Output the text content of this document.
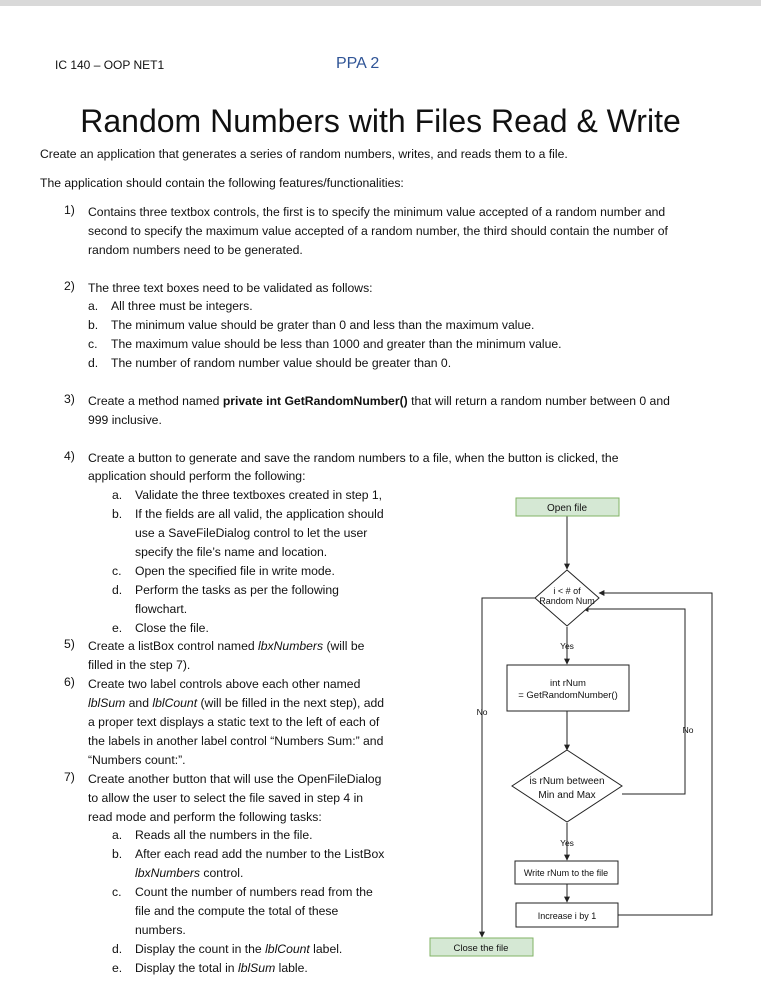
IC 140 – OOP NET1	PPA 2
Random Numbers with Files Read & Write
Create an application that generates a series of random numbers, writes, and reads them to a file.
The application should contain the following features/functionalities:
1) Contains three textbox controls, the first is to specify the minimum value accepted of a random number and
second to specify the maximum value accepted of a random number, the third should contain the number of
random numbers need to be generated.
2) The three text boxes need to be validated as follows:
a. All three must be integers.
b. The minimum value should be grater than 0 and less than the maximum value.
c. The maximum value should be less than 1000 and greater than the minimum value.
d. The number of random number value should be greater than 0.
3) Create a method named private int GetRandomNumber() that will return a random number between 0 and
999 inclusive.
4) Create a button to generate and save the random numbers to a file, when the button is clicked, the
application should perform the following:
a. Validate the three textboxes created in step 1,
b. If the fields are all valid, the application should
use a SaveFileDialog control to let the user
specify the file’s name and location.
c. Open the specified file in write mode.
d. Perform the tasks as per the following
flowchart.
e. Close the file.
5) Create a listBox control named lbxNumbers (will be
filled in the step 7).
6) Create two label controls above each other named
lblSum and lblCount (will be filled in the next step), add
a proper text displays a static text to the left of each of
the labels in another label control “Numbers Sum:” and
“Numbers count:”.
7) Create another button that will use the OpenFileDialog
to allow the user to select the file saved in step 4 in
read mode and perform the following tasks:
a. Reads all the numbers in the file.
b. After each read add the number to the ListBox
lbxNumbers control.
c. Count the number of numbers read from the
file and the compute the total of these
numbers.
d. Display the count in the lblCount label.
e. Display the total in lblSum lable.
Open file
i < # of
Random Num
Yes
int rNum
= GetRandomNumber()
No
No
is rNum between
Min and Max
Yes
Write rNum to the file
Increase i by 1
Close the file
